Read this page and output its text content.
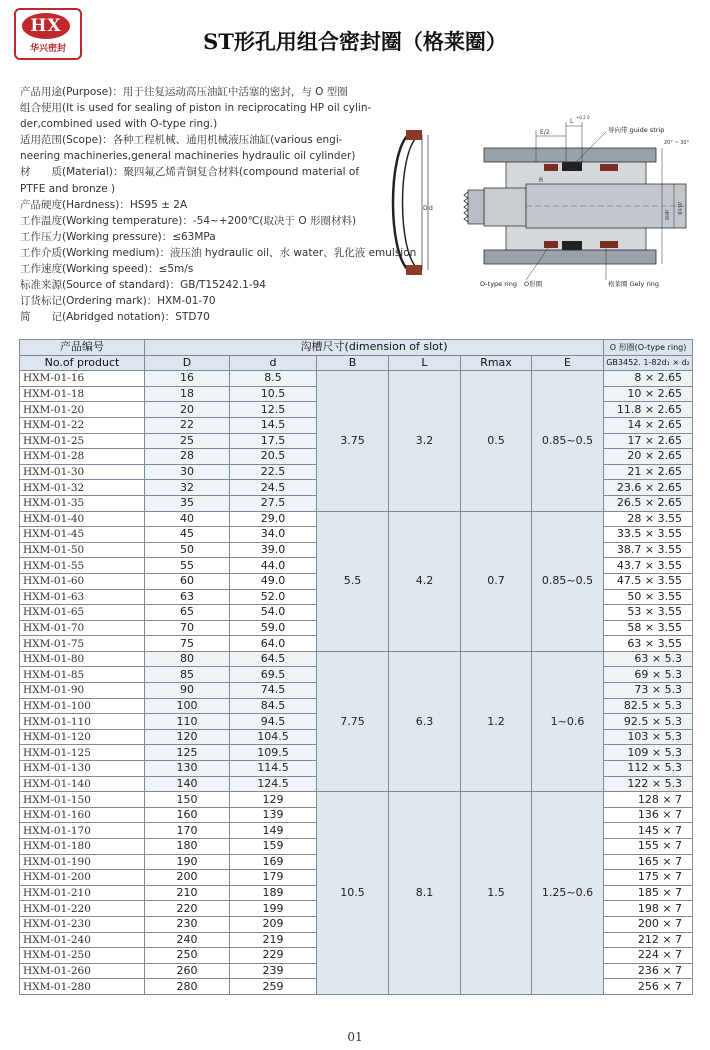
HX
华兴密封	ST形孔用组合密封圈（格莱圈）
产品用途(Purpose)：用于往复运动高压油缸中活塞的密封，与 O 型圈
组合使用(It is used for sealing of piston in reciprocating HP oil cylin-
der,combined used with O-type ring.)
适用范围(Scope)：各种工程机械、通用机械液压油缸(various engi-
neering machineries,general machineries hydraulic oil cylinder)
材　　质(Material)：聚四氟乙烯青铜复合材料(compound material of
PTFE and bronze )
产品硬度(Hardness)：HS95 ± 2A
工作温度(Working temperature)：-54~+200℃(取决于 O 形圈材料)
工作压力(Working pressure)：≤63MPa
工作介质(Working medium)：液压油 hydraulic oil、水 water、乳化液 emulsion
工作速度(Working speed)：≤5m/s
标准来源(Source of standard)：GB/T15242.1-94
订货标记(Ordering mark)：HXM-01-70
简　　记(Abridged notation)：STD70
D d
E/2
L
+0.2 0
R
20° ~ 30°
dH9
d1h9
导向带 guide strip
O-type ring O形圈	格莱圈 Gely ring
产品编号	沟槽尺寸(dimension of slot)						O 形圈(O-type ring)
No.of product	D	d	B	L	Rmax	E	GB3452. 1-82d₁ × d₂
HXM-01-16	16	8.5	3.75	3.2	0.5	0.85~0.5	8 × 2.65
HXM-01-18	18	10.5					10 × 2.65
HXM-01-20	20	12.5					11.8 × 2.65
HXM-01-22	22	14.5					14 × 2.65
HXM-01-25	25	17.5					17 × 2.65
HXM-01-28	28	20.5					20 × 2.65
HXM-01-30	30	22.5					21 × 2.65
HXM-01-32	32	24.5					23.6 × 2.65
HXM-01-35	35	27.5					26.5 × 2.65
HXM-01-40	40	29.0	5.5	4.2	0.7	0.85~0.5	28 × 3.55
HXM-01-45	45	34.0					33.5 × 3.55
HXM-01-50	50	39.0					38.7 × 3.55
HXM-01-55	55	44.0					43.7 × 3.55
HXM-01-60	60	49.0					47.5 × 3.55
HXM-01-63	63	52.0					50 × 3.55
HXM-01-65	65	54.0					53 × 3.55
HXM-01-70	70	59.0					58 × 3.55
HXM-01-75	75	64.0					63 × 3.55
HXM-01-80	80	64.5	7.75	6.3	1.2	1~0.6	63 × 5.3
HXM-01-85	85	69.5					69 × 5.3
HXM-01-90	90	74.5					73 × 5.3
HXM-01-100	100	84.5					82.5 × 5.3
HXM-01-110	110	94.5					92.5 × 5.3
HXM-01-120	120	104.5					103 × 5.3
HXM-01-125	125	109.5					109 × 5.3
HXM-01-130	130	114.5					112 × 5.3
HXM-01-140	140	124.5					122 × 5.3
HXM-01-150	150	129	10.5	8.1	1.5	1.25~0.6	128 × 7
HXM-01-160	160	139					136 × 7
HXM-01-170	170	149					145 × 7
HXM-01-180	180	159					155 × 7
HXM-01-190	190	169					165 × 7
HXM-01-200	200	179					175 × 7
HXM-01-210	210	189					185 × 7
HXM-01-220	220	199					198 × 7
HXM-01-230	230	209					200 × 7
HXM-01-240	240	219					212 × 7
HXM-01-250	250	229					224 × 7
HXM-01-260	260	239					236 × 7
HXM-01-280	280	259					256 × 7
01
